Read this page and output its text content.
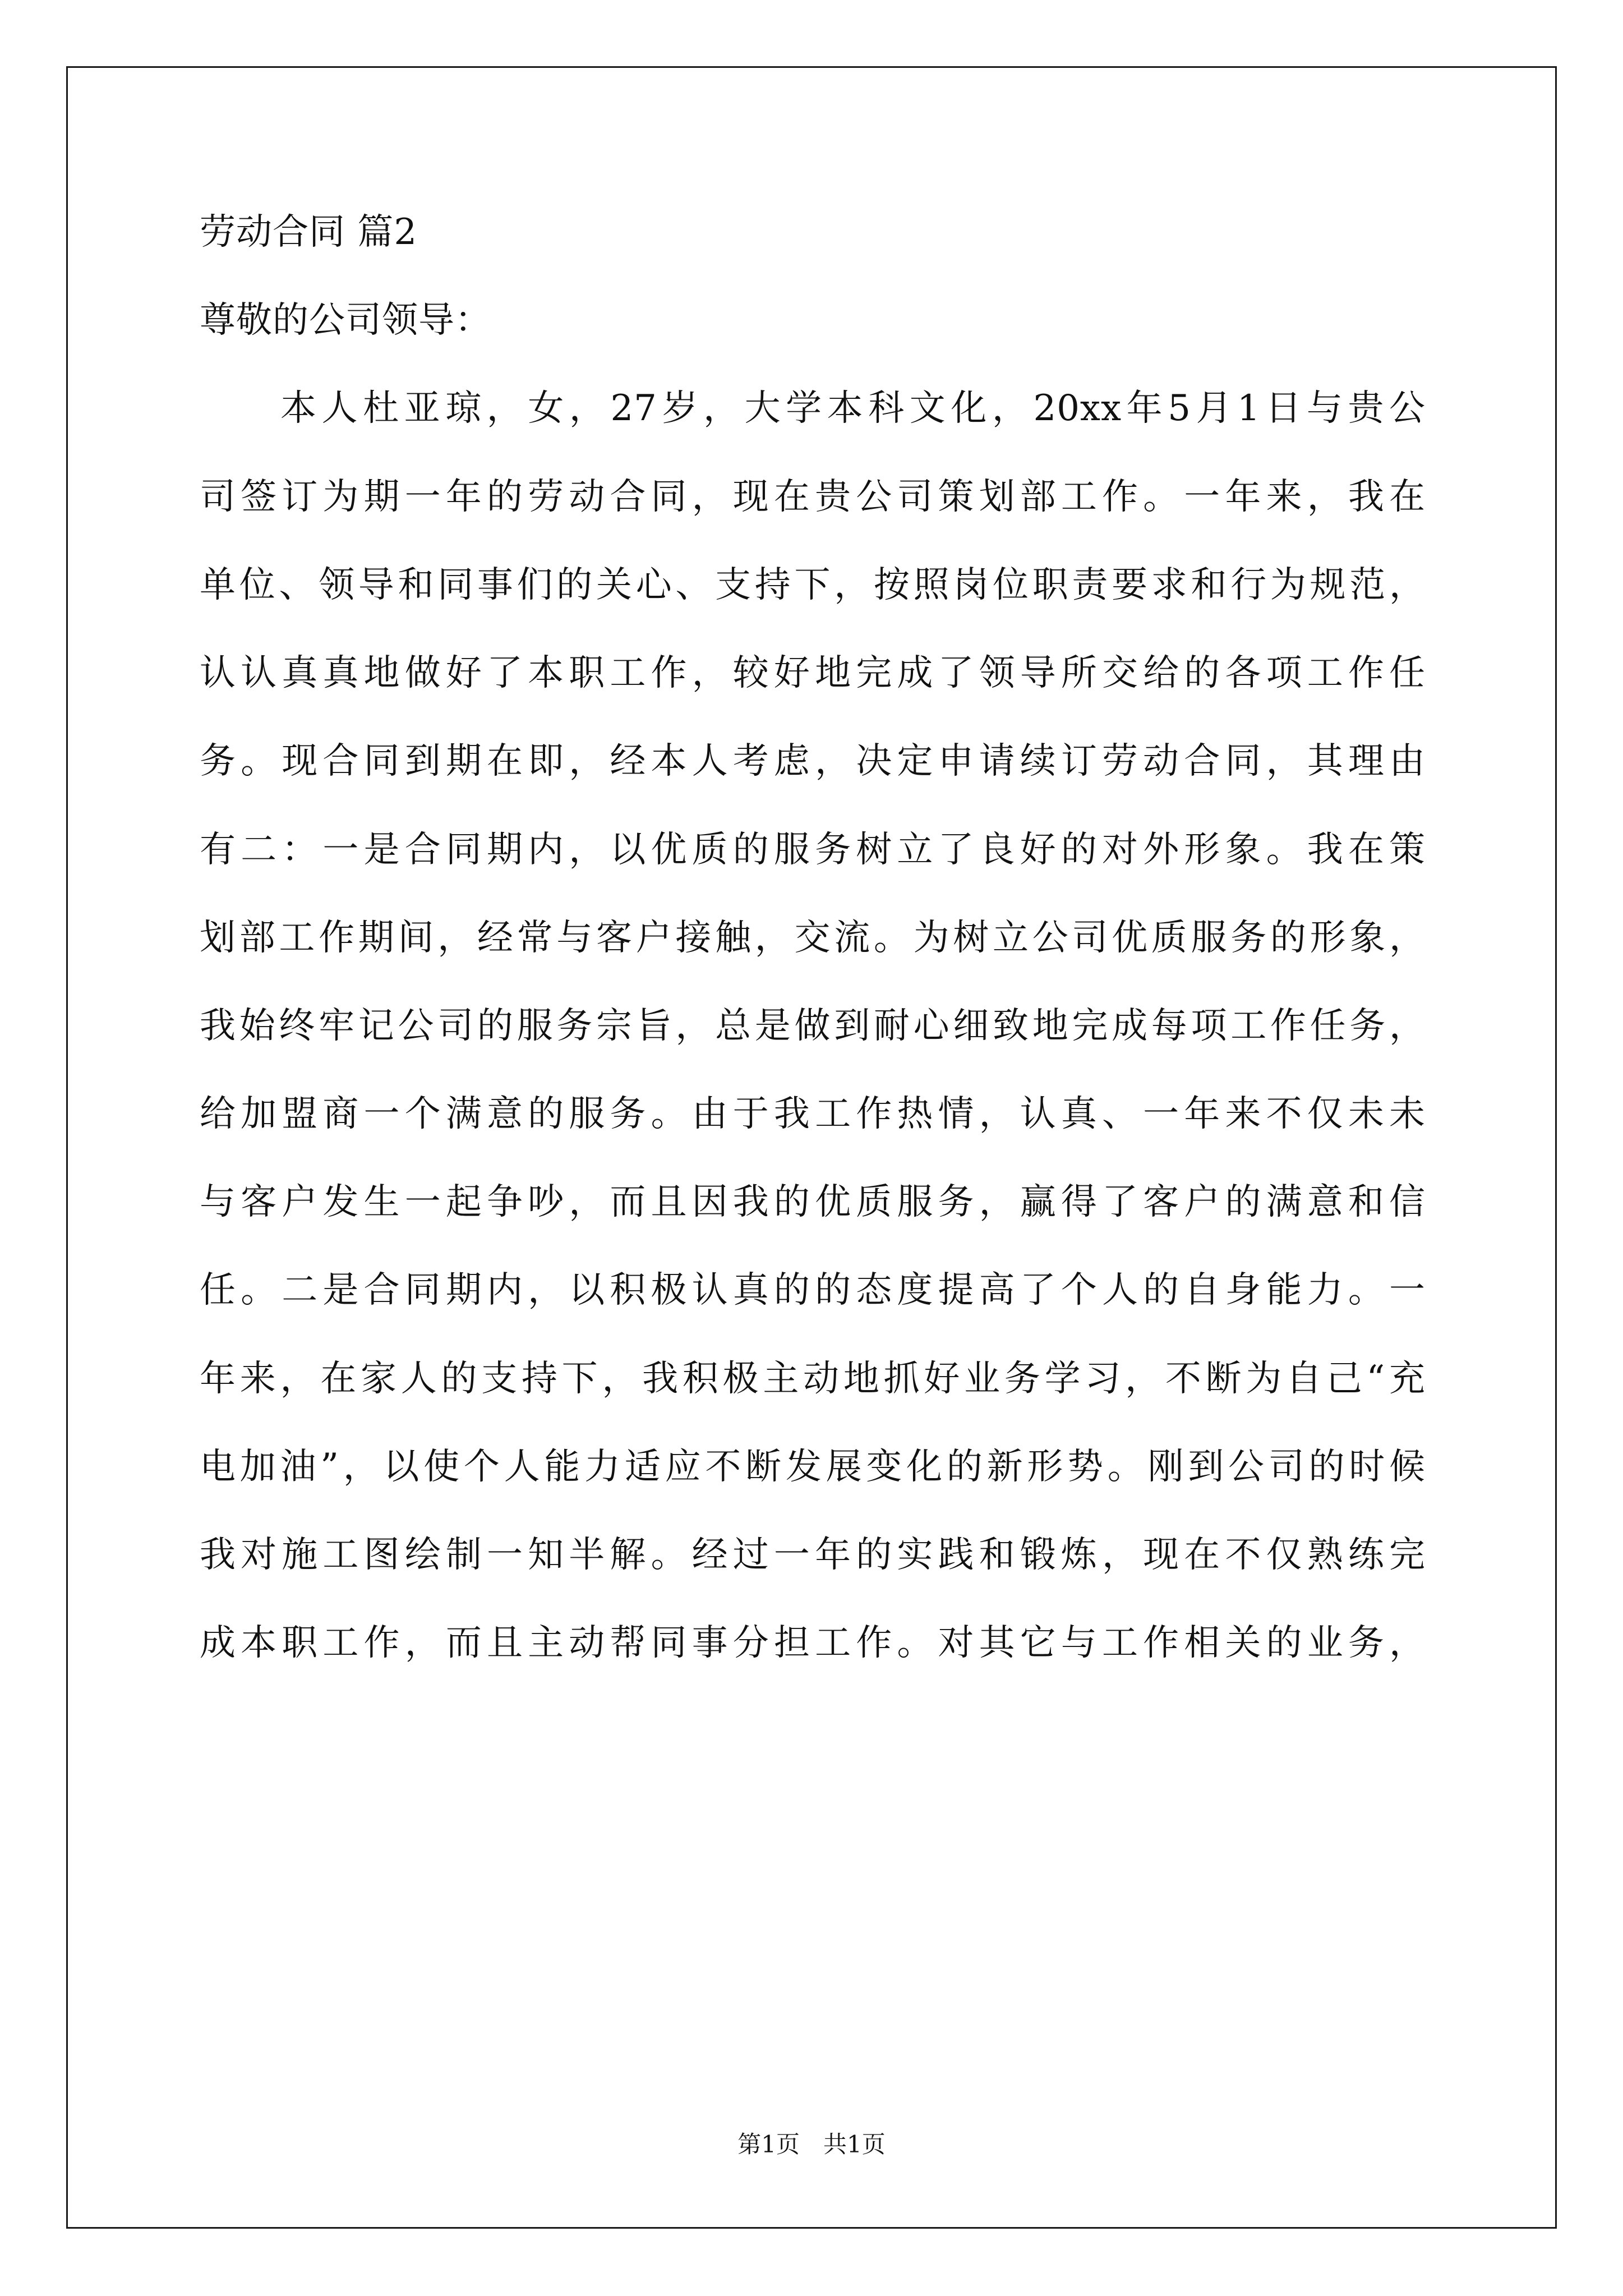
劳动合同 篇2
尊敬的公司领导：
本人杜亚琼，女，27岁，大学本科文化，20xx年5月1日与贵公
司签订为期一年的劳动合同，现在贵公司策划部工作。一年来，我在
单位、领导和同事们的关心、支持下，按照岗位职责要求和行为规范，
认认真真地做好了本职工作，较好地完成了领导所交给的各项工作任
务。现合同到期在即，经本人考虑，决定申请续订劳动合同，其理由
有二：一是合同期内，以优质的服务树立了良好的对外形象。我在策
划部工作期间，经常与客户接触，交流。为树立公司优质服务的形象，
我始终牢记公司的服务宗旨，总是做到耐心细致地完成每项工作任务，
给加盟商一个满意的服务。由于我工作热情，认真、一年来不仅未未
与客户发生一起争吵，而且因我的优质服务，赢得了客户的满意和信
任。二是合同期内，以积极认真的的态度提高了个人的自身能力。一
年来，在家人的支持下，我积极主动地抓好业务学习，不断为自己“充
电加油”，以使个人能力适应不断发展变化的新形势。刚到公司的时候
我对施工图绘制一知半解。经过一年的实践和锻炼，现在不仅熟练完
成本职工作，而且主动帮同事分担工作。对其它与工作相关的业务，
第1页　共1页
